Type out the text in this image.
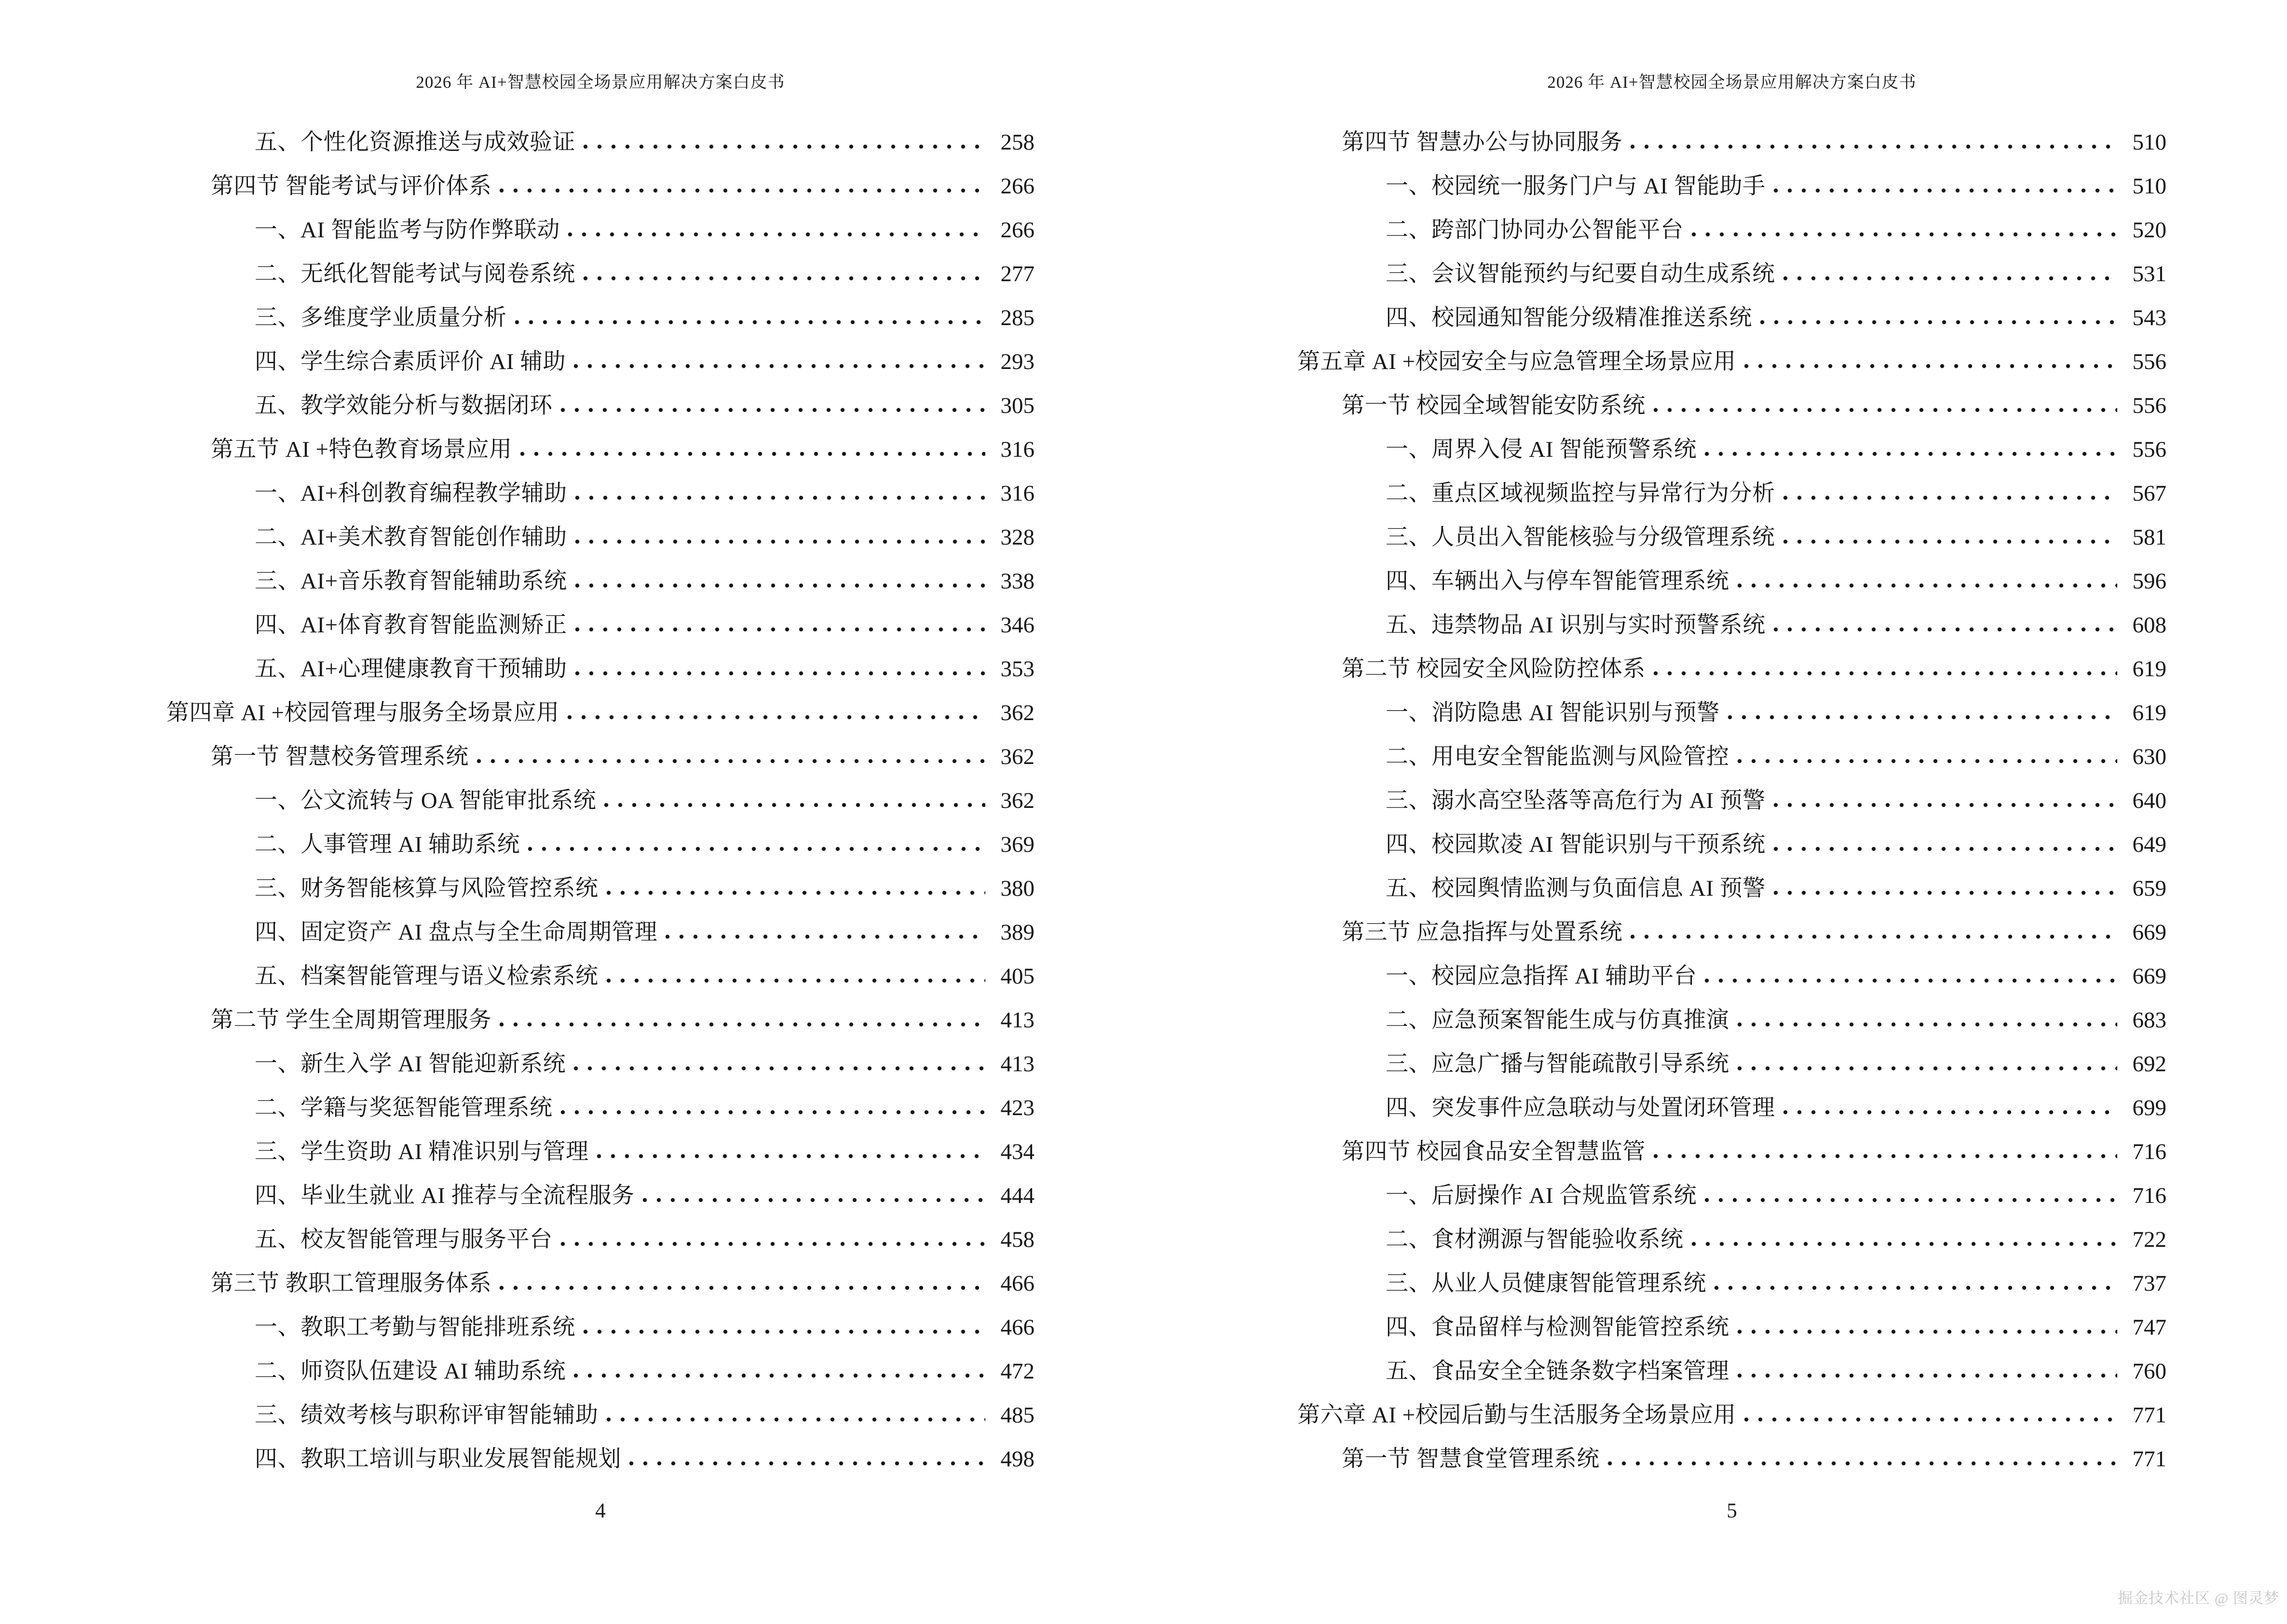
2026 年 AI+智慧校园全场景应用解决方案白皮书
五、个性化资源推送与成效验证	258
第四节 智能考试与评价体系	266
一、AI 智能监考与防作弊联动	266
二、无纸化智能考试与阅卷系统	277
三、多维度学业质量分析	285
四、学生综合素质评价 AI 辅助	293
五、教学效能分析与数据闭环	305
第五节 AI +特色教育场景应用	316
一、AI+科创教育编程教学辅助	316
二、AI+美术教育智能创作辅助	328
三、AI+音乐教育智能辅助系统	338
四、AI+体育教育智能监测矫正	346
五、AI+心理健康教育干预辅助	353
第四章 AI +校园管理与服务全场景应用	362
第一节 智慧校务管理系统	362
一、公文流转与 OA 智能审批系统	362
二、人事管理 AI 辅助系统	369
三、财务智能核算与风险管控系统	380
四、固定资产 AI 盘点与全生命周期管理	389
五、档案智能管理与语义检索系统	405
第二节 学生全周期管理服务	413
一、新生入学 AI 智能迎新系统	413
二、学籍与奖惩智能管理系统	423
三、学生资助 AI 精准识别与管理	434
四、毕业生就业 AI 推荐与全流程服务	444
五、校友智能管理与服务平台	458
第三节 教职工管理服务体系	466
一、教职工考勤与智能排班系统	466
二、师资队伍建设 AI 辅助系统	472
三、绩效考核与职称评审智能辅助	485
四、教职工培训与职业发展智能规划	498
4
2026 年 AI+智慧校园全场景应用解决方案白皮书
第四节 智慧办公与协同服务	510
一、校园统一服务门户与 AI 智能助手	510
二、跨部门协同办公智能平台	520
三、会议智能预约与纪要自动生成系统	531
四、校园通知智能分级精准推送系统	543
第五章 AI +校园安全与应急管理全场景应用	556
第一节 校园全域智能安防系统	556
一、周界入侵 AI 智能预警系统	556
二、重点区域视频监控与异常行为分析	567
三、人员出入智能核验与分级管理系统	581
四、车辆出入与停车智能管理系统	596
五、违禁物品 AI 识别与实时预警系统	608
第二节 校园安全风险防控体系	619
一、消防隐患 AI 智能识别与预警	619
二、用电安全智能监测与风险管控	630
三、溺水高空坠落等高危行为 AI 预警	640
四、校园欺凌 AI 智能识别与干预系统	649
五、校园舆情监测与负面信息 AI 预警	659
第三节 应急指挥与处置系统	669
一、校园应急指挥 AI 辅助平台	669
二、应急预案智能生成与仿真推演	683
三、应急广播与智能疏散引导系统	692
四、突发事件应急联动与处置闭环管理	699
第四节 校园食品安全智慧监管	716
一、后厨操作 AI 合规监管系统	716
二、食材溯源与智能验收系统	722
三、从业人员健康智能管理系统	737
四、食品留样与检测智能管控系统	747
五、食品安全全链条数字档案管理	760
第六章 AI +校园后勤与生活服务全场景应用	771
第一节 智慧食堂管理系统	771
5
掘金技术社区 @ 图灵梦
